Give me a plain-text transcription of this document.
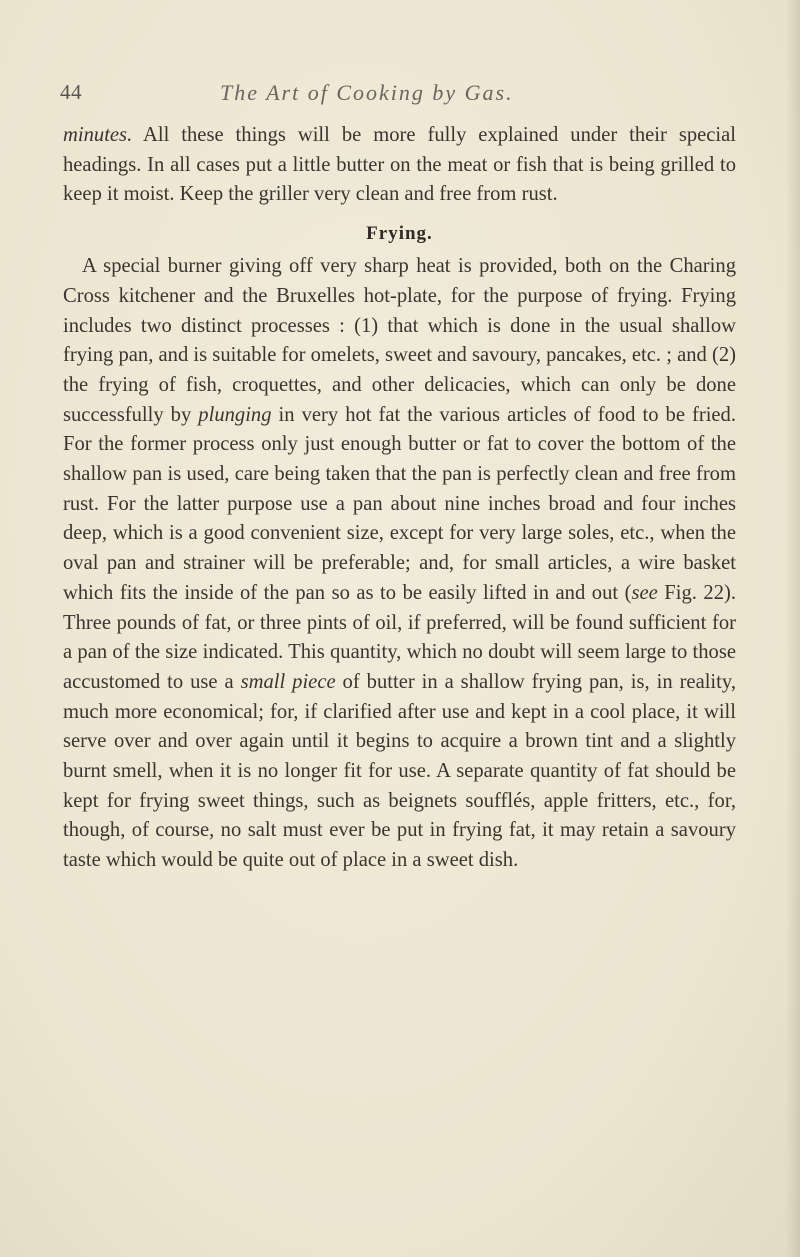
44	The Art of Cooking by Gas.

minutes. All these things will be more fully explained under their special headings. In all cases put a little butter on the meat or fish that is being grilled to keep it moist. Keep the griller very clean and free from rust.

Frying.

A special burner giving off very sharp heat is provided, both on the Charing Cross kitchener and the Bruxelles hot-plate, for the purpose of frying. Frying includes two distinct processes : (1) that which is done in the usual shallow frying pan, and is suitable for omelets, sweet and savoury, pancakes, etc. ; and (2) the frying of fish, croquettes, and other delicacies, which can only be done successfully by plunging in very hot fat the various articles of food to be fried. For the former process only just enough butter or fat to cover the bottom of the shallow pan is used, care being taken that the pan is perfectly clean and free from rust. For the latter purpose use a pan about nine inches broad and four inches deep, which is a good convenient size, except for very large soles, etc., when the oval pan and strainer will be preferable; and, for small articles, a wire basket which fits the inside of the pan so as to be easily lifted in and out (see Fig. 22). Three pounds of fat, or three pints of oil, if preferred, will be found sufficient for a pan of the size indicated. This quantity, which no doubt will seem large to those accustomed to use a small piece of butter in a shallow frying pan, is, in reality, much more economical; for, if clarified after use and kept in a cool place, it will serve over and over again until it begins to acquire a brown tint and a slightly burnt smell, when it is no longer fit for use. A separate quantity of fat should be kept for frying sweet things, such as beignets soufflés, apple fritters, etc., for, though, of course, no salt must ever be put in frying fat, it may retain a savoury taste which would be quite out of place in a sweet dish.
